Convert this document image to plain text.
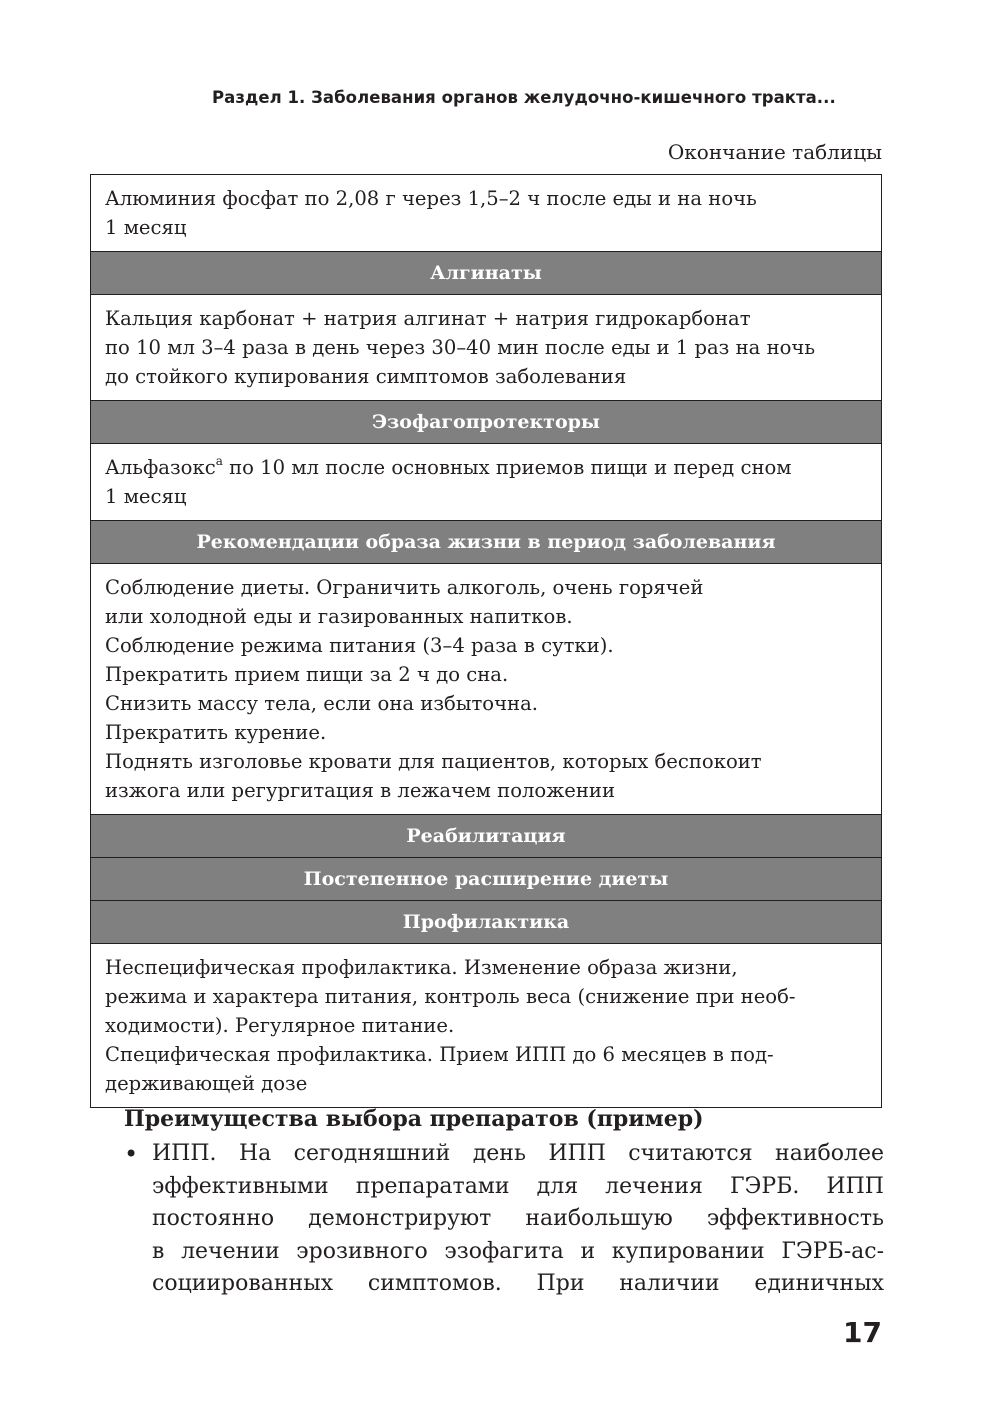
Раздел 1. Заболевания органов желудочно-кишечного тракта...
Окончание таблицы
Алюминия фосфат по 2,08 г через 1,5–2 ч после еды и на ночь
1 месяц
Алгинаты
Кальция карбонат + натрия алгинат + натрия гидрокарбонат
по 10 мл 3–4 раза в день через 30–40 мин после еды и 1 раз на ночь
до стойкого купирования симптомов заболевания
Эзофагопротекторы
Альфазокс$^а$ по 10 мл после основных приемов пищи и перед сном
1 месяц
Рекомендации образа жизни в период заболевания
Соблюдение диеты. Ограничить алкоголь, очень горячей
или холодной еды и газированных напитков.
Соблюдение режима питания (3–4 раза в сутки).
Прекратить прием пищи за 2 ч до сна.
Снизить массу тела, если она избыточна.
Прекратить курение.
Поднять изголовье кровати для пациентов, которых беспокоит
изжога или регургитация в лежачем положении
Реабилитация
Постепенное расширение диеты
Профилактика
Неспецифическая профилактика. Изменение образа жизни,
режима и характера питания, контроль веса (снижение при необ-
ходимости). Регулярное питание.
Специфическая профилактика. Прием ИПП до 6 месяцев в под-
держивающей дозе
Преимущества выбора препаратов (пример)
• ИПП. На сегодняшний день ИПП считаются наиболее
эффективными препаратами для лечения ГЭРБ. ИПП
постоянно демонстрируют наибольшую эффективность
в лечении эрозивного эзофагита и купировании ГЭРБ-ас-
социированных симптомов. При наличии единичных
17
